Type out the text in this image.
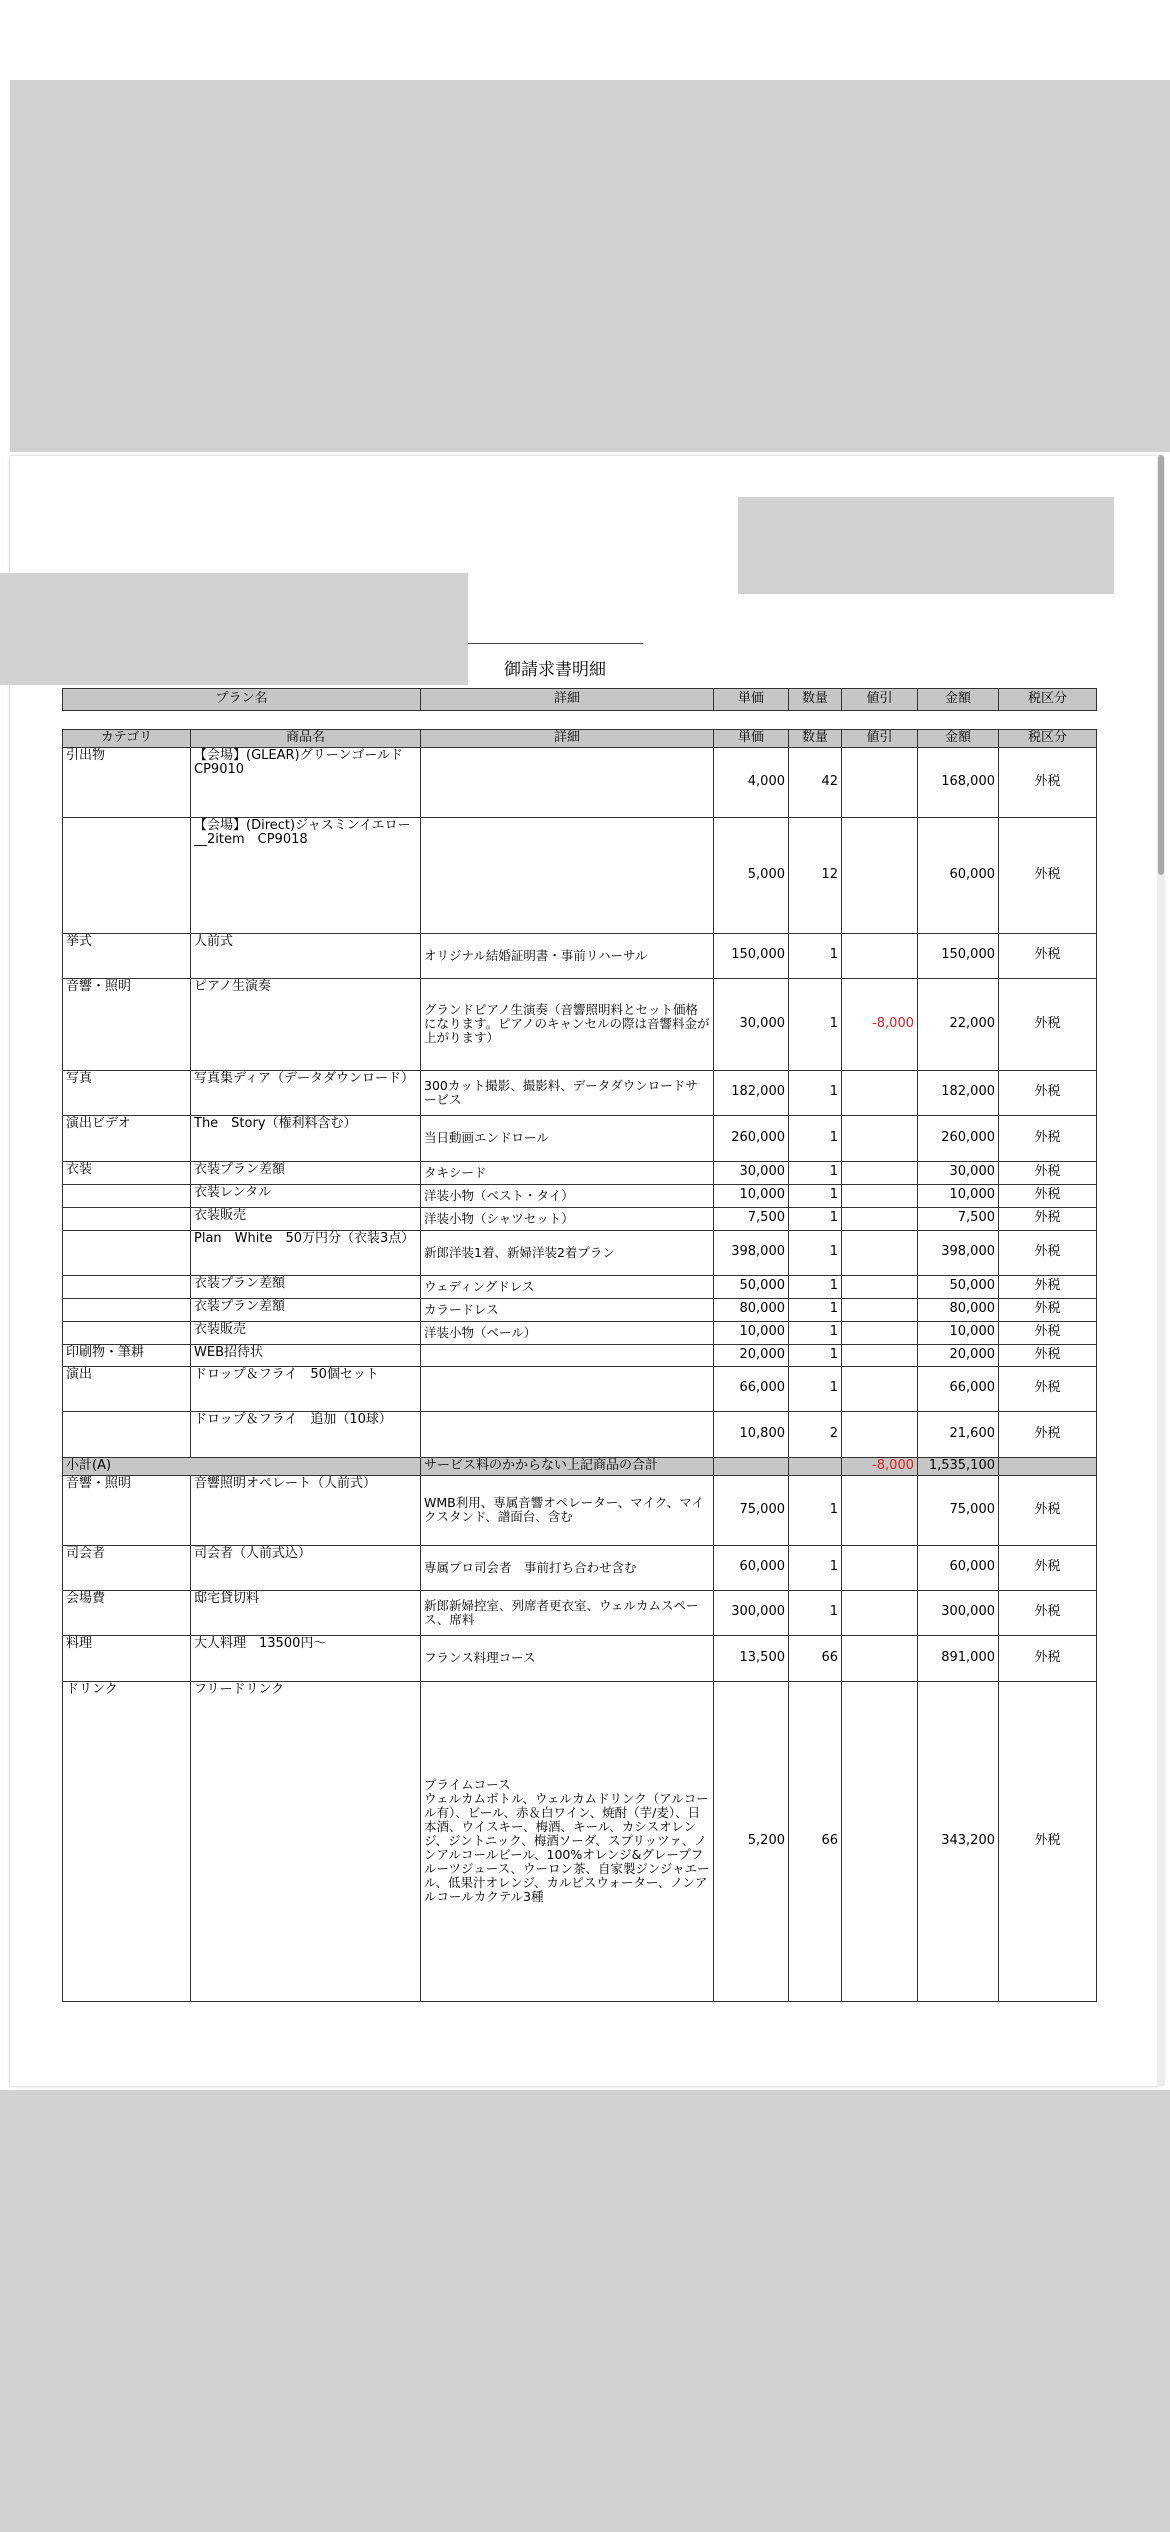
御請求書明細
プラン名	詳細	単価	数量	値引	金額	税区分
カテゴリ	商品名	詳細	単価	数量	値引	金額	税区分
引出物	【会場】(GLEAR)グリーンゴールド　CP9010		4,000	42		168,000	外税
	【会場】(Direct)ジャスミンイエロー__2item　CP9018		5,000	12		60,000	外税
挙式	人前式	オリジナル結婚証明書・事前リハーサル	150,000	1		150,000	外税
音響・照明	ピアノ生演奏	グランドピアノ生演奏（音響照明料とセット価格になります。ピアノのキャンセルの際は音響料金が上がります）	30,000	1	-8,000	22,000	外税
写真	写真集ディア（データダウンロード）	300カット撮影、撮影料、データダウンロードサービス	182,000	1		182,000	外税
演出ビデオ	The　Story（権利料含む）	当日動画エンドロール	260,000	1		260,000	外税
衣装	衣装プラン差額	タキシード	30,000	1		30,000	外税
	衣装レンタル	洋装小物（ベスト・タイ）	10,000	1		10,000	外税
	衣装販売	洋装小物（シャツセット）	7,500	1		7,500	外税
	Plan　White　50万円分（衣装3点）	新郎洋装1着、新婦洋装2着プラン	398,000	1		398,000	外税
	衣装プラン差額	ウェディングドレス	50,000	1		50,000	外税
	衣装プラン差額	カラードレス	80,000	1		80,000	外税
	衣装販売	洋装小物（ベール）	10,000	1		10,000	外税
印刷物・筆耕	WEB招待状		20,000	1		20,000	外税
演出	ドロップ＆フライ　50個セット		66,000	1		66,000	外税
	ドロップ＆フライ　追加（10球）		10,800	2		21,600	外税
小計(A)		サービス料のかからない上記商品の合計			-8,000	1,535,100	
音響・照明	音響照明オペレート（人前式）	WMB利用、専属音響オペレーター、マイク、マイクスタンド、譜面台、含む	75,000	1		75,000	外税
司会者	司会者（人前式込）	専属プロ司会者　事前打ち合わせ含む	60,000	1		60,000	外税
会場費	邸宅貸切料	新郎新婦控室、列席者更衣室、ウェルカムスペース、席料	300,000	1		300,000	外税
料理	大人料理　13500円～	フランス料理コース	13,500	66		891,000	外税
ドリンク	フリードリンク	プライムコース
ウェルカムボトル、ウェルカムドリンク（アルコール有）、ビール、赤＆白ワイン、焼酎（芋/麦）、日本酒、ウイスキー、梅酒、キール、カシスオレンジ、ジントニック、梅酒ソーダ、スプリッツァ、ノンアルコールビール、100%オレンジ&グレープフルーツジュース、ウーロン茶、自家製ジンジャエール、低果汁オレンジ、カルピスウォーター、ノンアルコールカクテル3種	5,200	66		343,200	外税
